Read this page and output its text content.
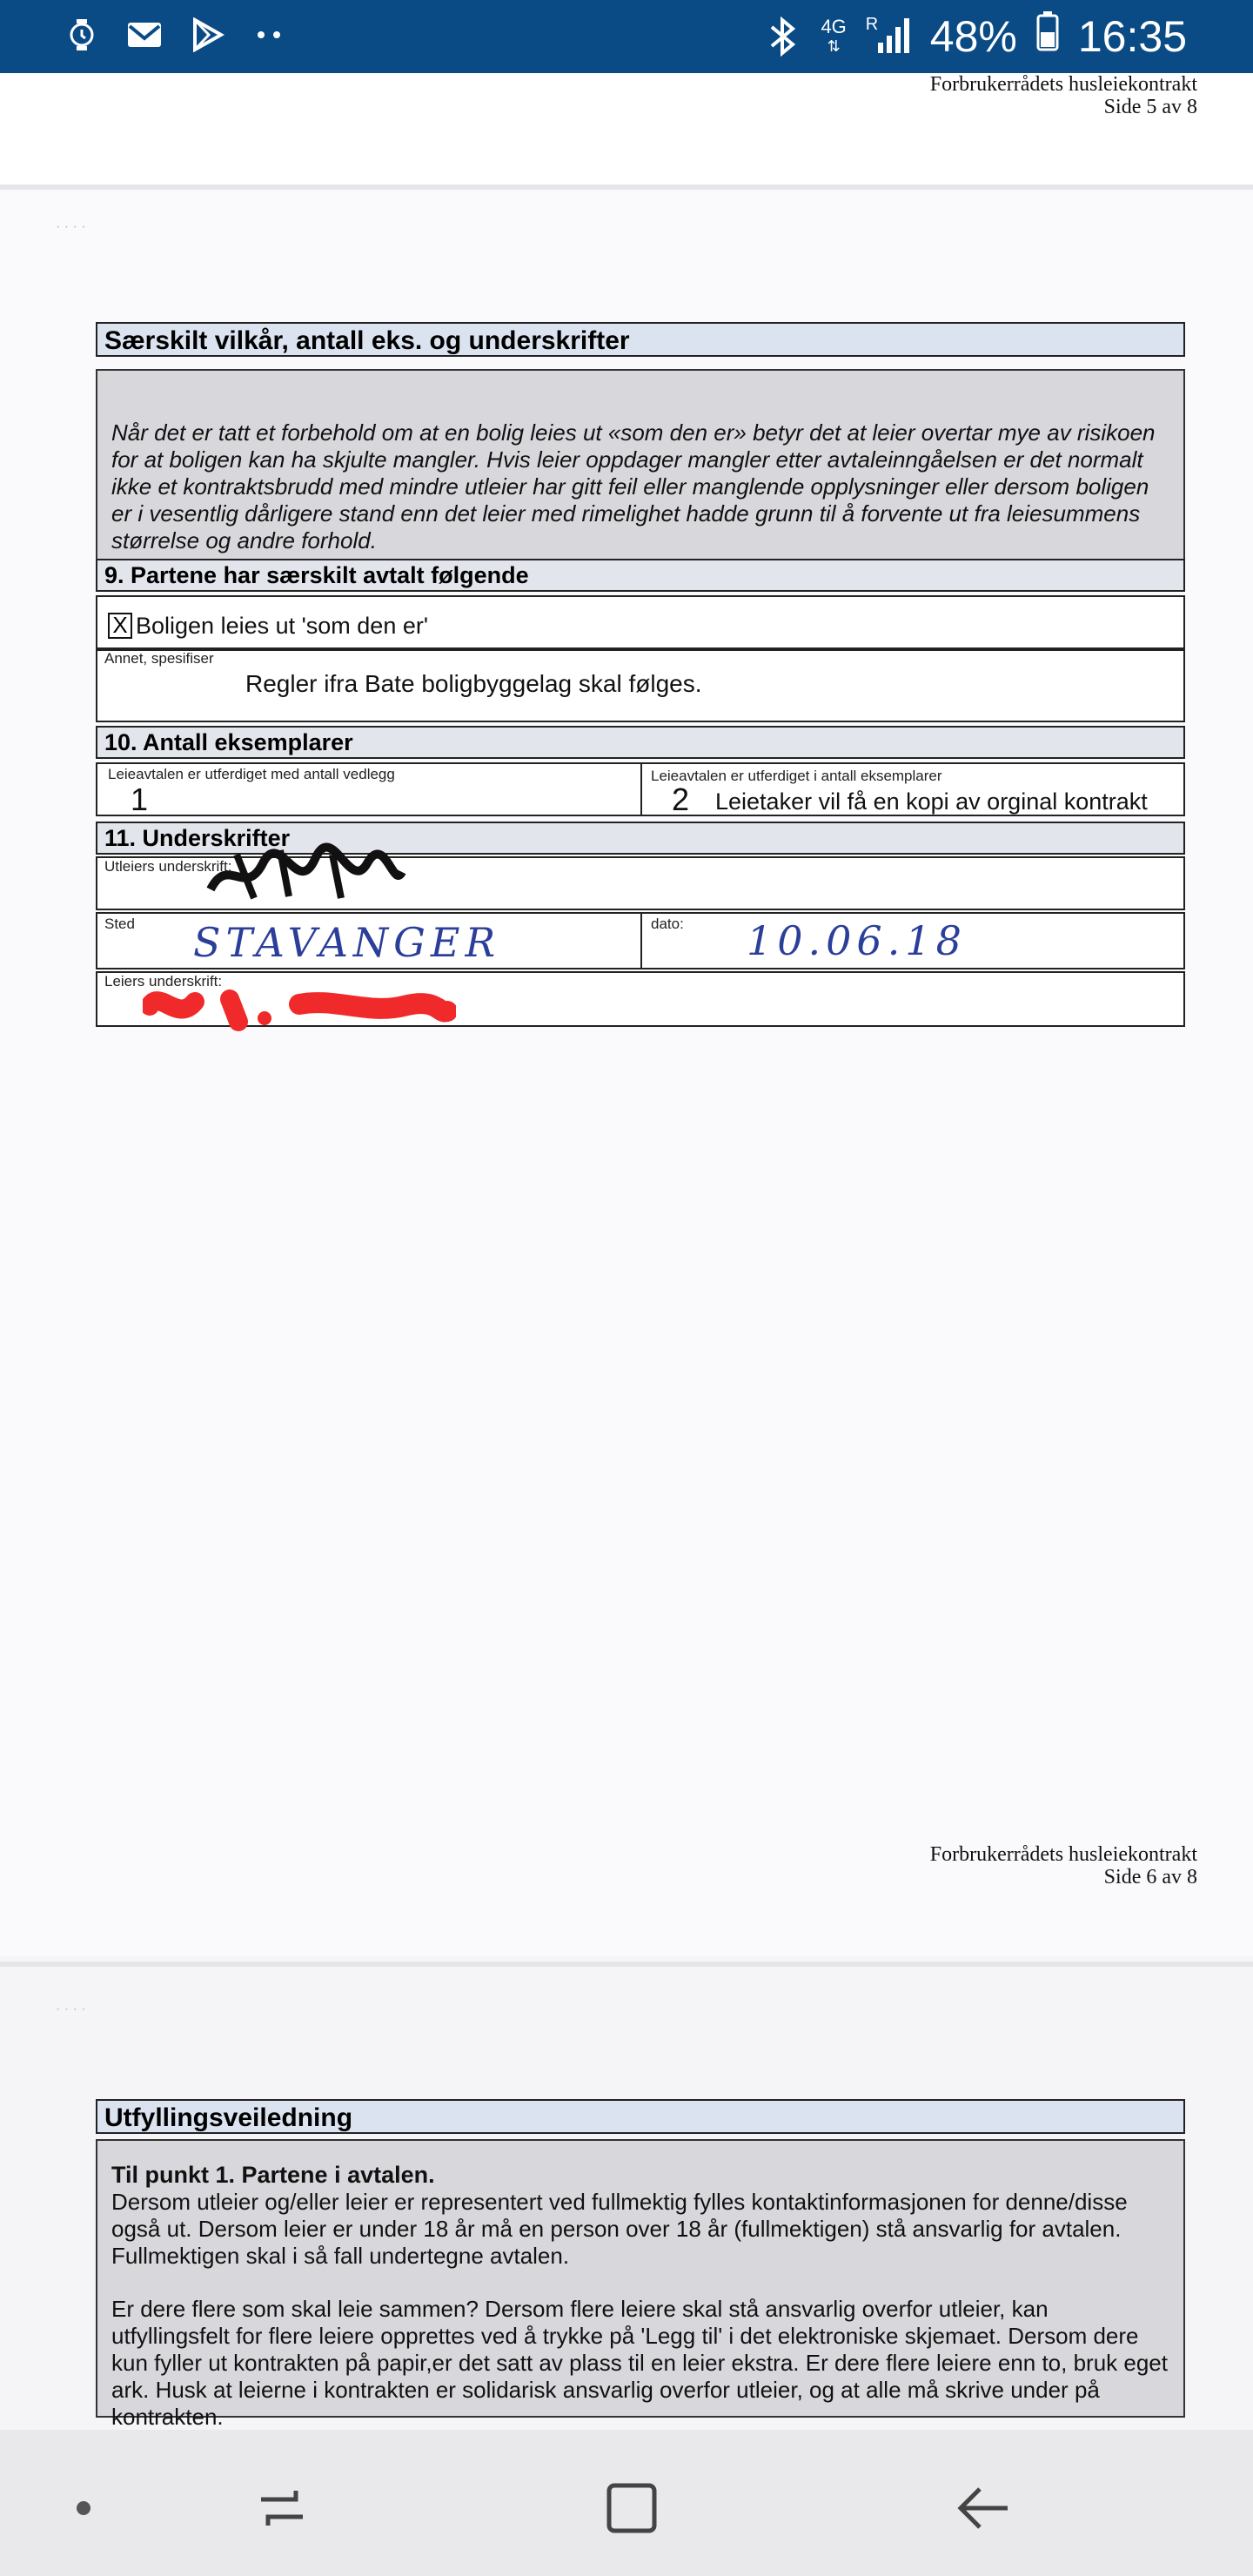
4G
⇅
R 48% 16:35
Forbrukerrådets husleiekontrakt
Side 5 av 8
· · · ·
Særskilt vilkår, antall eks. og underskrifter
Når det er tatt et forbehold om at en bolig leies ut «som den er» betyr det at leier overtar mye av risikoen for at boligen kan ha skjulte mangler. Hvis leier oppdager mangler etter avtaleinngåelsen er det normalt ikke et kontraktsbrudd med mindre utleier har gitt feil eller manglende opplysninger eller dersom boligen er i vesentlig dårligere stand enn det leier med rimelighet hadde grunn til å forvente ut fra leiesummens størrelse og andre forhold.
9. Partene har særskilt avtalt følgende
X Boligen leies ut 'som den er'
Annet, spesifiser
Regler ifra Bate boligbyggelag skal følges.
10. Antall eksemplarer
Leieavtalen er utferdiget med antall vedlegg
1
Leieavtalen er utferdiget i antall eksemplarer
2 Leietaker vil få en kopi av orginal kontrakt
11. Underskrifter
Utleiers underskrift:
Sted STAVANGER	dato: 10.06.18
Leiers underskrift:
Forbrukerrådets husleiekontrakt
Side 6 av 8
· · · ·
Utfyllingsveiledning
Til punkt 1. Partene i avtalen.
Dersom utleier og/eller leier er representert ved fullmektig fylles kontaktinformasjonen for denne/disse også ut. Dersom leier er under 18 år må en person over 18 år (fullmektigen) stå ansvarlig for avtalen. Fullmektigen skal i så fall undertegne avtalen.
Er dere flere som skal leie sammen? Dersom flere leiere skal stå ansvarlig overfor utleier, kan utfyllingsfelt for flere leiere opprettes ved å trykke på 'Legg til' i det elektroniske skjemaet. Dersom dere kun fyller ut kontrakten på papir,er det satt av plass til en leier ekstra. Er dere flere leiere enn to, bruk eget ark. Husk at leierne i kontrakten er solidarisk ansvarlig overfor utleier, og at alle må skrive under på kontrakten.
